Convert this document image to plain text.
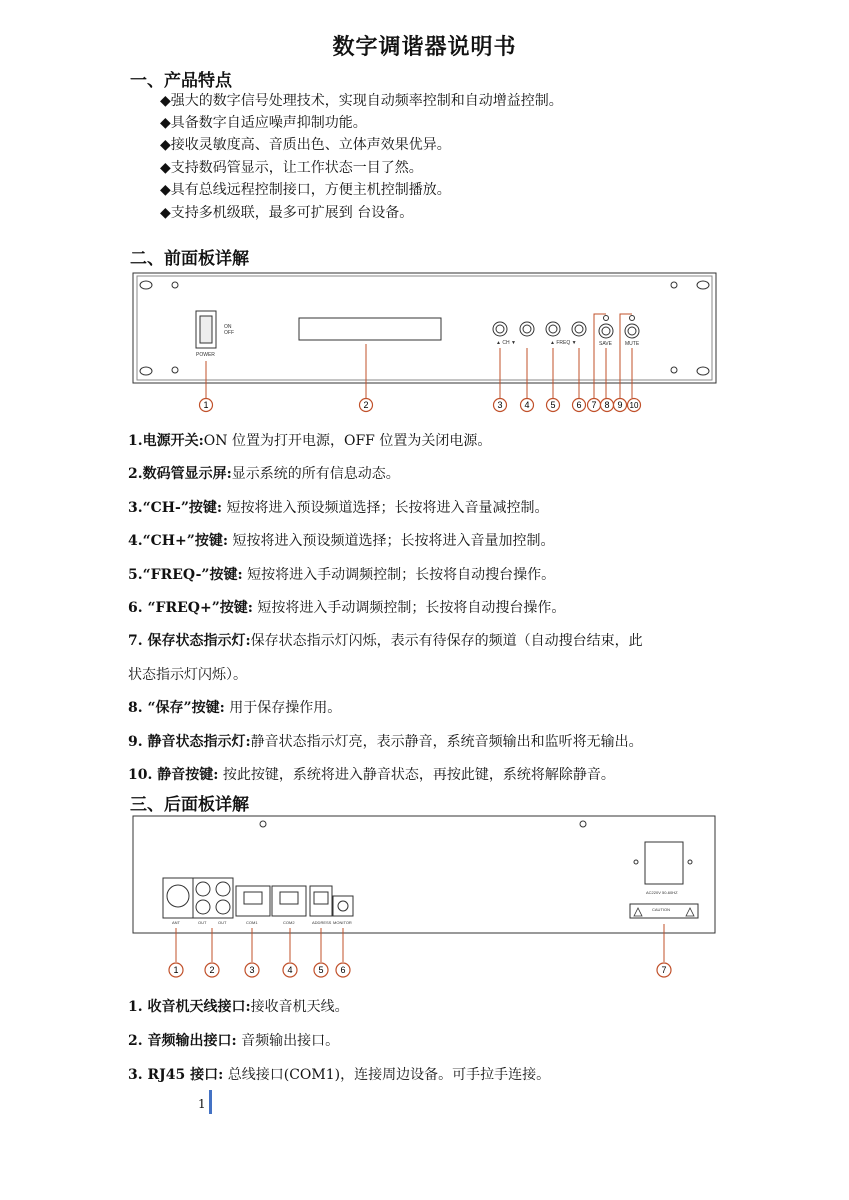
数字调谐器说明书
一、产品特点
◆强大的数字信号处理技术，实现自动频率控制和自动增益控制。
◆具备数字自适应噪声抑制功能。
◆接收灵敏度高、音质出色、立体声效果优异。
◆支持数码管显示，让工作状态一目了然。
◆具有总线远程控制接口，方便主机控制播放。
◆支持多机级联，最多可扩展到 台设备。
二、前面板详解
ON
OFF
POWER
▲ CH ▼	▲ FREQ ▼	SAVE	MUTE
1	2	3 4 5 6 7 8 9 10
1.电源开关:ON 位置为打开电源，OFF 位置为关闭电源。
2.数码管显示屏:显示系统的所有信息动态。
3.“CH-”按键: 短按将进入预设频道选择；长按将进入音量减控制。
4.“CH+”按键: 短按将进入预设频道选择；长按将进入音量加控制。
5.“FREQ-”按键: 短按将进入手动调频控制；长按将自动搜台操作。
6. “FREQ+”按键: 短按将进入手动调频控制；长按将自动搜台操作。
7. 保存状态指示灯:保存状态指示灯闪烁，表示有待保存的频道（自动搜台结束，此
状态指示灯闪烁）。
8. “保存”按键: 用于保存操作用。
9. 静音状态指示灯:静音状态指示灯亮，表示静音，系统音频输出和监听将无输出。
10. 静音按键: 按此按键，系统将进入静音状态，再按此键，系统将解除静音。
三、后面板详解
ANT	OUT	OUT	COM1	COM2	ADDRESS MONITOR
AC220V 50-60HZ
CAUTION
1	2	3	4	5 6	7
1. 收音机天线接口:接收音机天线。
2. 音频输出接口: 音频输出接口。
3. RJ45 接口: 总线接口(COM1)，连接周边设备。可手拉手连接。
1
